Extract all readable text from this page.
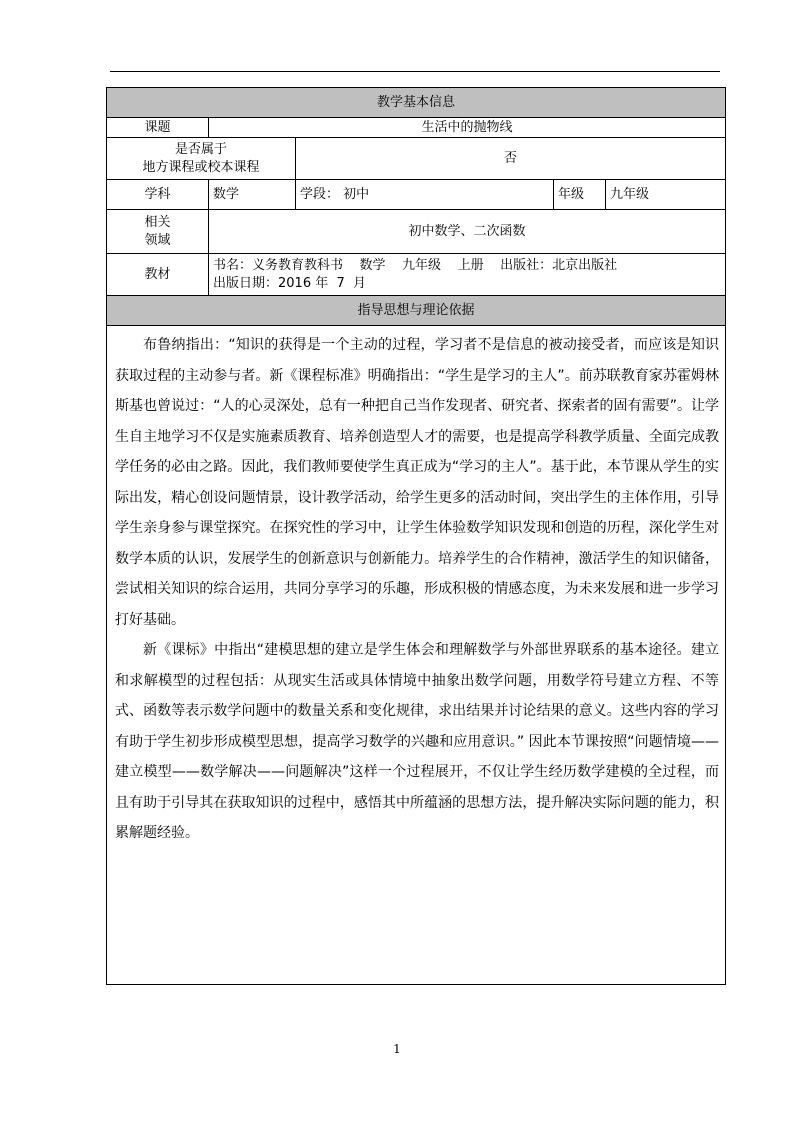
教学基本信息				
课题	生活中的抛物线			

是否属于
地方课程或校本课程		否		
学科	数学	学段： 初中	年级	九年级

相关
领域	初中数学、二次函数			
教材	书名：义务教育教科书    数学    九年级    上册    出版社：北京出版社
出版日期：2016 年  7  月			

指导思想与理论依据				

布鲁纳指出：“知识的获得是一个主动的过程，学习者不是信息的被动接受者，而应该是知识获取过程的主动参与者。新《课程标准》明确指出：“学生是学习的主人”。前苏联教育家苏霍姆林斯基也曾说过：“人的心灵深处，总有一种把自己当作发现者、研究者、探索者的固有需要”。让学生自主地学习不仅是实施素质教育、培养创造型人才的需要，也是提高学科教学质量、全面完成教学任务的必由之路。因此，我们教师要使学生真正成为“学习的主人”。基于此，本节课从学生的实际出发，精心创设问题情景，设计教学活动，给学生更多的活动时间，突出学生的主体作用，引导学生亲身参与课堂探究。在探究性的学习中，让学生体验数学知识发现和创造的历程，深化学生对数学本质的认识，发展学生的创新意识与创新能力。培养学生的合作精神，激活学生的知识储备，尝试相关知识的综合运用，共同分享学习的乐趣，形成积极的情感态度，为未来发展和进一步学习打好基础。

新《课标》中指出“建模思想的建立是学生体会和理解数学与外部世界联系的基本途径。建立和求解模型的过程包括：从现实生活或具体情境中抽象出数学问题，用数学符号建立方程、不等式、函数等表示数学问题中的数量关系和变化规律，求出结果并讨论结果的意义。这些内容的学习有助于学生初步形成模型思想，提高学习数学的兴趣和应用意识。” 因此本节课按照“问题情境——建立模型——数学解决——问题解决”这样一个过程展开，不仅让学生经历数学建模的全过程，而且有助于引导其在获取知识的过程中，感悟其中所蕴涵的思想方法，提升解决实际问题的能力，积累解题经验。				

1
